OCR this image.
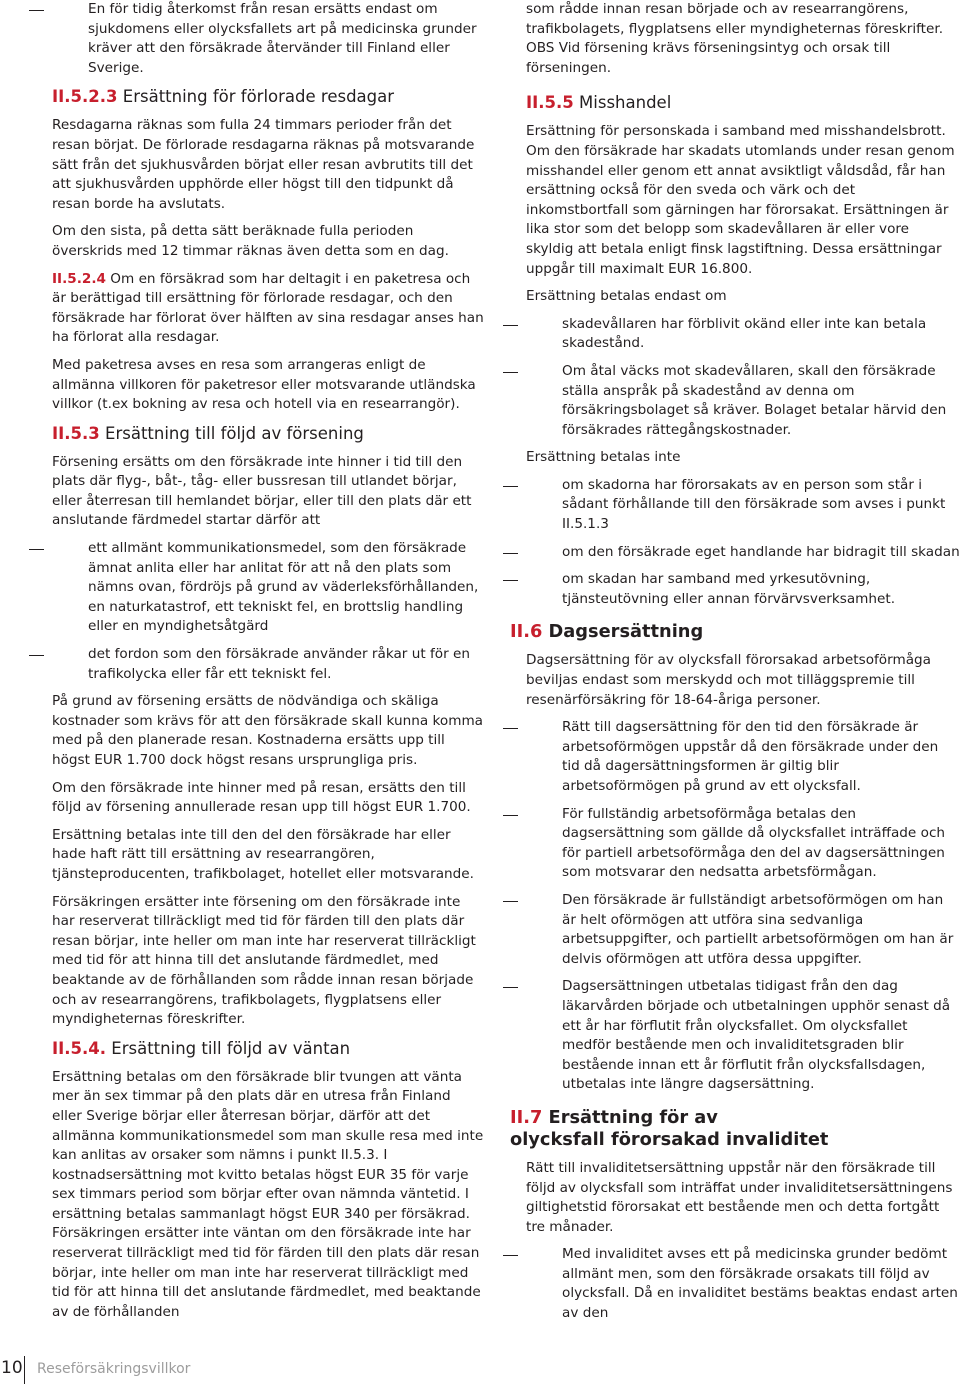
En för tidig återkomst från resan ersätts endast om sjukdomens eller olycksfallets art på medicinska grunder kräver att den försäkrade återvänder till Finland eller Sverige.
II.5.2.3 Ersättning för förlorade resdagar

Resdagarna räknas som fulla 24 timmars perioder från det resan börjat. De förlorade resdagarna räknas på motsvarande sätt från det sjukhusvården börjat eller resan avbrutits till det att sjukhusvården upphörde eller högst till den tidpunkt då resan borde ha avslutats.

Om den sista, på detta sätt beräknade fulla perioden överskrids med 12 timmar räknas även detta som en dag.

II.5.2.4 Om en försäkrad som har deltagit i en paketresa och är berättigad till ersättning för förlorade resdagar, och den försäkrade har förlorat över hälften av sina resdagar anses han ha förlorat alla resdagar.

Med paketresa avses en resa som arrangeras enligt de allmänna villkoren för paketresor eller motsvarande utländska villkor (t.ex bokning av resa och hotell via en researrangör).

II.5.3 Ersättning till följd av försening

Försening ersätts om den försäkrade inte hinner i tid till den plats där flyg-, båt-, tåg- eller bussresan till utlandet börjar, eller återresan till hemlandet börjar, eller till den plats där ett anslutande färdmedel startar därför att

ett allmänt kommunikationsmedel, som den försäkrade ämnat anlita eller har anlitat för att nå den plats som nämns ovan, fördröjs på grund av väderleksförhållanden, en naturkatastrof, ett tekniskt fel, en brottslig handling eller en myndighetsåtgärd
det fordon som den försäkrade använder råkar ut för en trafikolycka eller får ett tekniskt fel.

På grund av försening ersätts de nödvändiga och skäliga kostnader som krävs för att den försäkrade skall kunna komma med på den planerade resan. Kostnaderna ersätts upp till högst EUR 1.700 dock högst resans ursprungliga pris.

Om den försäkrade inte hinner med på resan, ersätts den till följd av försening annullerade resan upp till högst EUR 1.700.

Ersättning betalas inte till den del den försäkrade har eller hade haft rätt till ersättning av researrangören, tjänsteproducenten, trafikbolaget, hotellet eller motsvarande.

Försäkringen ersätter inte försening om den försäkrade inte har reserverat tillräckligt med tid för färden till den plats där resan börjar, inte heller om man inte har reserverat tillräckligt med tid för att hinna till det anslutande färdmedlet, med beaktande av de förhållanden som rådde innan resan började och av researrangörens, trafikbolagets, flygplatsens eller myndigheternas föreskrifter.

II.5.4. Ersättning till följd av väntan

Ersättning betalas om den försäkrade blir tvungen att vänta mer än sex timmar på den plats där en utresa från Finland eller Sverige börjar eller återresan börjar, därför att det allmänna kommunikationsmedel som man skulle resa med inte kan anlitas av orsaker som nämns i punkt II.5.3. I kostnadsersättning mot kvitto betalas högst EUR 35 för varje sex timmars period som börjar efter ovan nämnda väntetid. I ersättning betalas sammanlagt högst EUR 340 per försäkrad. Försäkringen ersätter inte väntan om den försäkrade inte har reserverat tillräckligt med tid för färden till den plats där resan börjar, inte heller om man inte har reserverat tillräckligt med tid för att hinna till det anslutande färdmedlet, med beaktande av de förhållanden

som rådde innan resan började och av researrangörens, trafikbolagets, flygplatsens eller myndigheternas föreskrifter. OBS Vid försening krävs förseningsintyg och orsak till förseningen.

II.5.5 Misshandel

Ersättning för personskada i samband med misshandelsbrott. Om den försäkrade har skadats utomlands under resan genom misshandel eller genom ett annat avsiktligt våldsdåd, får han ersättning också för den sveda och värk och det inkomstbortfall som gärningen har förorsakat. Ersättningen är lika stor som det belopp som skadevållaren är eller vore skyldig att betala enligt finsk lagstiftning. Dessa ersättningar uppgår till maximalt EUR 16.800.

Ersättning betalas endast om

skadevållaren har förblivit okänd eller inte kan betala skadestånd.
Om åtal väcks mot skadevållaren, skall den försäkrade ställa anspråk på skadestånd av denna om försäkringsbolaget så kräver. Bolaget betalar härvid den försäkrades rättegångskostnader.

Ersättning betalas inte

om skadorna har förorsakats av en person som står i sådant förhållande till den försäkrade som avses i punkt II.5.1.3
om den försäkrade eget handlande har bidragit till skadan
om skadan har samband med yrkesutövning, tjänsteutövning eller annan förvärvsverksamhet.
II.6 Dagsersättning

Dagsersättning för av olycksfall förorsakad arbetsoförmåga beviljas endast som merskydd och mot tilläggspremie till resenärförsäkring för 18-64-åriga personer.

Rätt till dagsersättning för den tid den försäkrade är arbetsoförmögen uppstår då den försäkrade under den tid då dagersättningsformen är giltig blir arbetsoförmögen på grund av ett olycksfall.
För fullständig arbetsoförmåga betalas den dagsersättning som gällde då olycksfallet inträffade och för partiell arbetsoförmåga den del av dagsersättningen som motsvarar den nedsatta arbetsförmågan.
Den försäkrade är fullständigt arbetsoförmögen om han är helt oförmögen att utföra sina sedvanliga arbetsuppgifter, och partiellt arbetsoförmögen om han är delvis oförmögen att utföra dessa uppgifter.
Dagsersättningen utbetalas tidigast från den dag läkarvården började och utbetalningen upphör senast då ett år har förflutit från olycksfallet. Om olycksfallet medför bestående men och invaliditetsgraden blir bestående innan ett år förflutit från olycksfallsdagen, utbetalas inte längre dagsersättning.
II.7 Ersättning för av
olycksfall förorsakad invaliditet

Rätt till invaliditetsersättning uppstår när den försäkrade till följd av olycksfall som inträffat under invaliditetsersättningens giltighetstid förorsakat ett bestående men och detta fortgått tre månader.

Med invaliditet avses ett på medicinska grunder bedömt allmänt men, som den försäkrade orsakats till följd av olycksfall. Då en invaliditet bestäms beaktas endast arten av den
10 Reseförsäkringsvillkor
